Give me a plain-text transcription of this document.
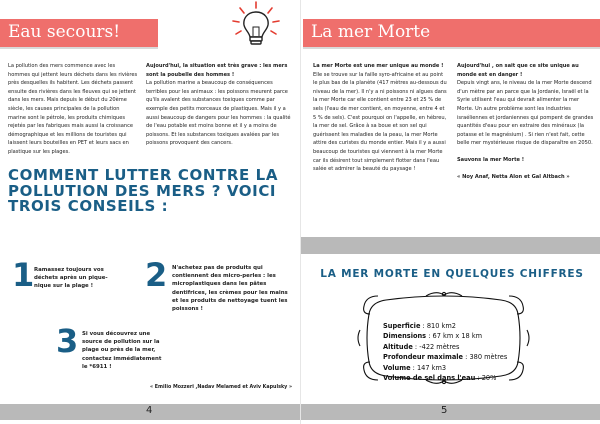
Eau secours!

La pollution des mers commence avec les hommes qui jettent leurs déchets dans les rivières près desquelles ils habitent. Les déchets passent ensuite des rivières dans les fleuves qui se jettent dans les mers. Mais depuis le début du 20ème siècle, les causes principales de la pollution marine sont le pétrole, les produits chimiques rejetés par les fabriques mais aussi la croissance démographique et les millions de touristes qui laissent leurs bouteilles en PET et leurs sacs en plastique sur les plages.

Aujourd'hui, la situation est très grave : les mers sont la poubelle des hommes !

La pollution marine a beaucoup de conséquences terribles pour les animaux : les poissons meurent parce qu'ils avalent des substances toxiques comme par exemple des petits morceaux de plastiques. Mais il y a aussi beaucoup de dangers pour les hommes : la qualité de l'eau potable est moins bonne et il y a moins de poissons. Et les substances toxiques avalées par les poissons provoquent des cancers.

COMMENT LUTTER CONTRE LA POLLUTION DES MERS ? VOICI TROIS CONSEILS :
1 Ramassez toujours vos déchets après un pique-nique sur la plage !	2 N'achetez pas de produits qui contiennent des micro-perles : les microplastiques dans les pâtes dentifrices, les crèmes pour les mains et les produits de nettoyage tuent les poissons !
3 Si vous découvrez une source de pollution sur la plage ou près de la mer, contactez immédiatement le *6911 !
« Emilio Mozzeri ,Nadav Melamed et Aviv Kapulsky »
4
La mer Morte

La mer Morte est une mer unique au monde !

Elle se trouve sur la faille syro-africaine et au point le plus bas de la planète (417 mètres au-dessous du niveau de la mer). Il n'y a ni poissons ni algues dans la mer Morte car elle contient entre 23 et 25 % de sels (l'eau de mer contient, en moyenne, entre 4 et 5 % de sels). C'est pourquoi on l'appelle, en hébreu, la mer de sel. Grâce à sa boue et son sel qui guérissent les maladies de la peau, la mer Morte attire des curistes du monde entier. Mais il y a aussi beaucoup de touristes qui viennent à la mer Morte car ils désirent tout simplement flotter dans l'eau salée et admirer la beauté du paysage !

Aujourd'hui , on sait que ce site unique au monde est en danger !

Depuis vingt ans, le niveau de la mer Morte descend d'un mètre par an parce que la Jordanie, Israël et la Syrie utilisent l'eau qui devrait alimenter la mer Morte. Un autre problème sont les industries israéliennes et jordaniennes qui pompent de grandes quantités d'eau pour en extraire des minéraux (la potasse et le magnésium) . Si rien n'est fait, cette belle mer mystérieuse risque de disparaître en 2050.

Sauvons la mer Morte !

« Noy Anaf, Netta Alon et Gal Altbach »

LA MER MORTE EN QUELQUES CHIFFRES
Superficie : 810 km2
Dimensions : 67 km x 18 km
Altitude : -422 mètres
Profondeur maximale : 380 mètres
Volume : 147 km3
Volume de sel dans l'eau : 20%
5
